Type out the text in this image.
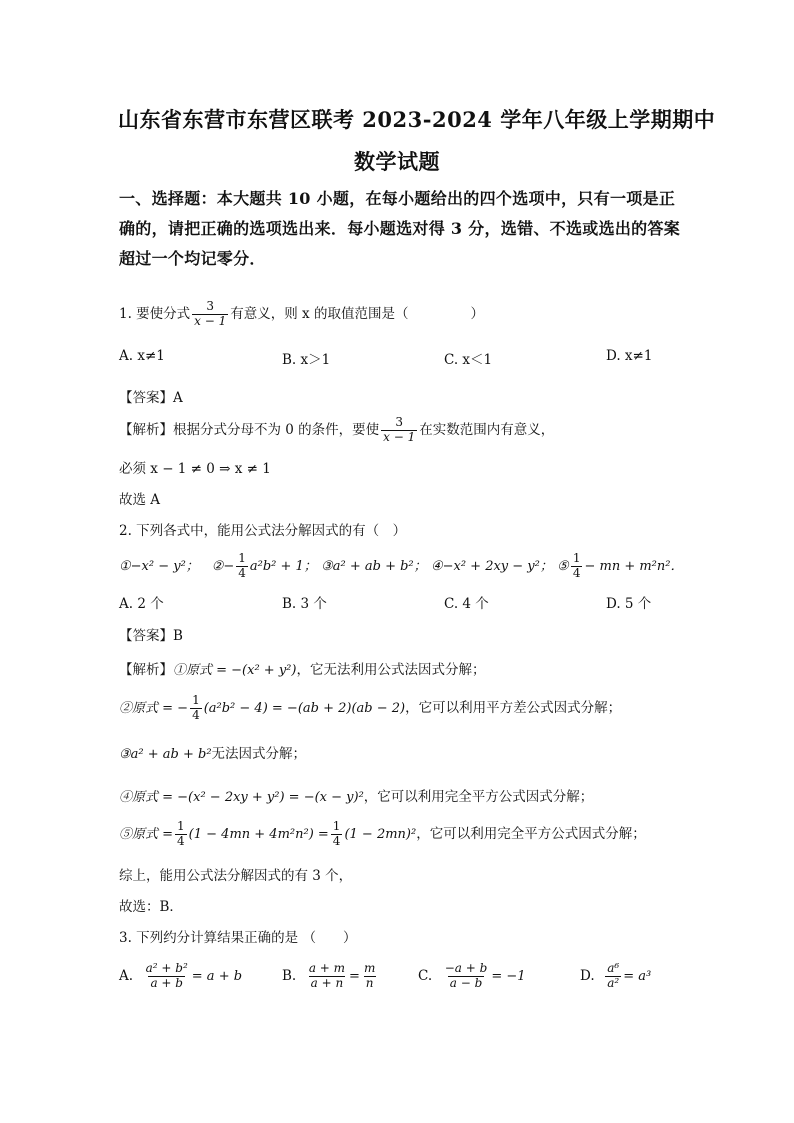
山东省东营市东营区联考 2023-2024 学年八年级上学期期中
数学试题
一、选择题：本大题共 10 小题，在每小题给出的四个选项中，只有一项是正
确的，请把正确的选项选出来．每小题选对得 3 分，选错、不选或选出的答案
超过一个均记零分．
1. 要使分式 $\frac{3}{x - 1}$ 有意义，则 x 的取值范围是（	）
A. x≠1	B. x＞1	C. x＜1	D. x≠1
【答案】A
【解析】根据分式分母不为 0 的条件，要使 $\frac{3}{x - 1}$ 在实数范围内有意义，
必须 x − 1 ≠ 0 ⇒ x ≠ 1
故选 A
2. 下列各式中，能用公式法分解因式的有（　）
①−x² − y²； ②− $\frac{1}{4} a^2b^2 + 1$； ③a² + ab + b²； ④−x² + 2xy − y²； ⑤ $\frac{1}{4}$ − mn + m²n²．
A. 2 个	B. 3 个	C. 4 个	D. 5 个
【答案】B
【解析】①原式 = −(x² + y²)，它无法利用公式法因式分解；
②原式 = − $\frac{1}{4} (a^2b^2 - 4) = -(ab + 2)(ab - 2)$，它可以利用平方差公式因式分解；
③a² + ab + b²无法因式分解；
④原式 = −(x² − 2xy + y²) = −(x − y)²，它可以利用完全平方公式因式分解；
⑤原式 = $\frac{1}{4} (1 - 4mn + 4m^2n^2) = \frac{1}{4} (1 - 2mn)^2$，它可以利用完全平方公式因式分解；
综上，能用公式法分解因式的有 3 个，
故选：B．
3. 下列约分计算结果正确的是 （　　）
A. $\frac{\text{a² + b²}}{a + b} = a + b$	B. $\frac{a + m}{a + n} = \frac{m}{n}$	C. $\frac{-a + b}{a - b} = -1$	D. $\frac{\text{a⁶}}{\text{a²}} = a^3$
